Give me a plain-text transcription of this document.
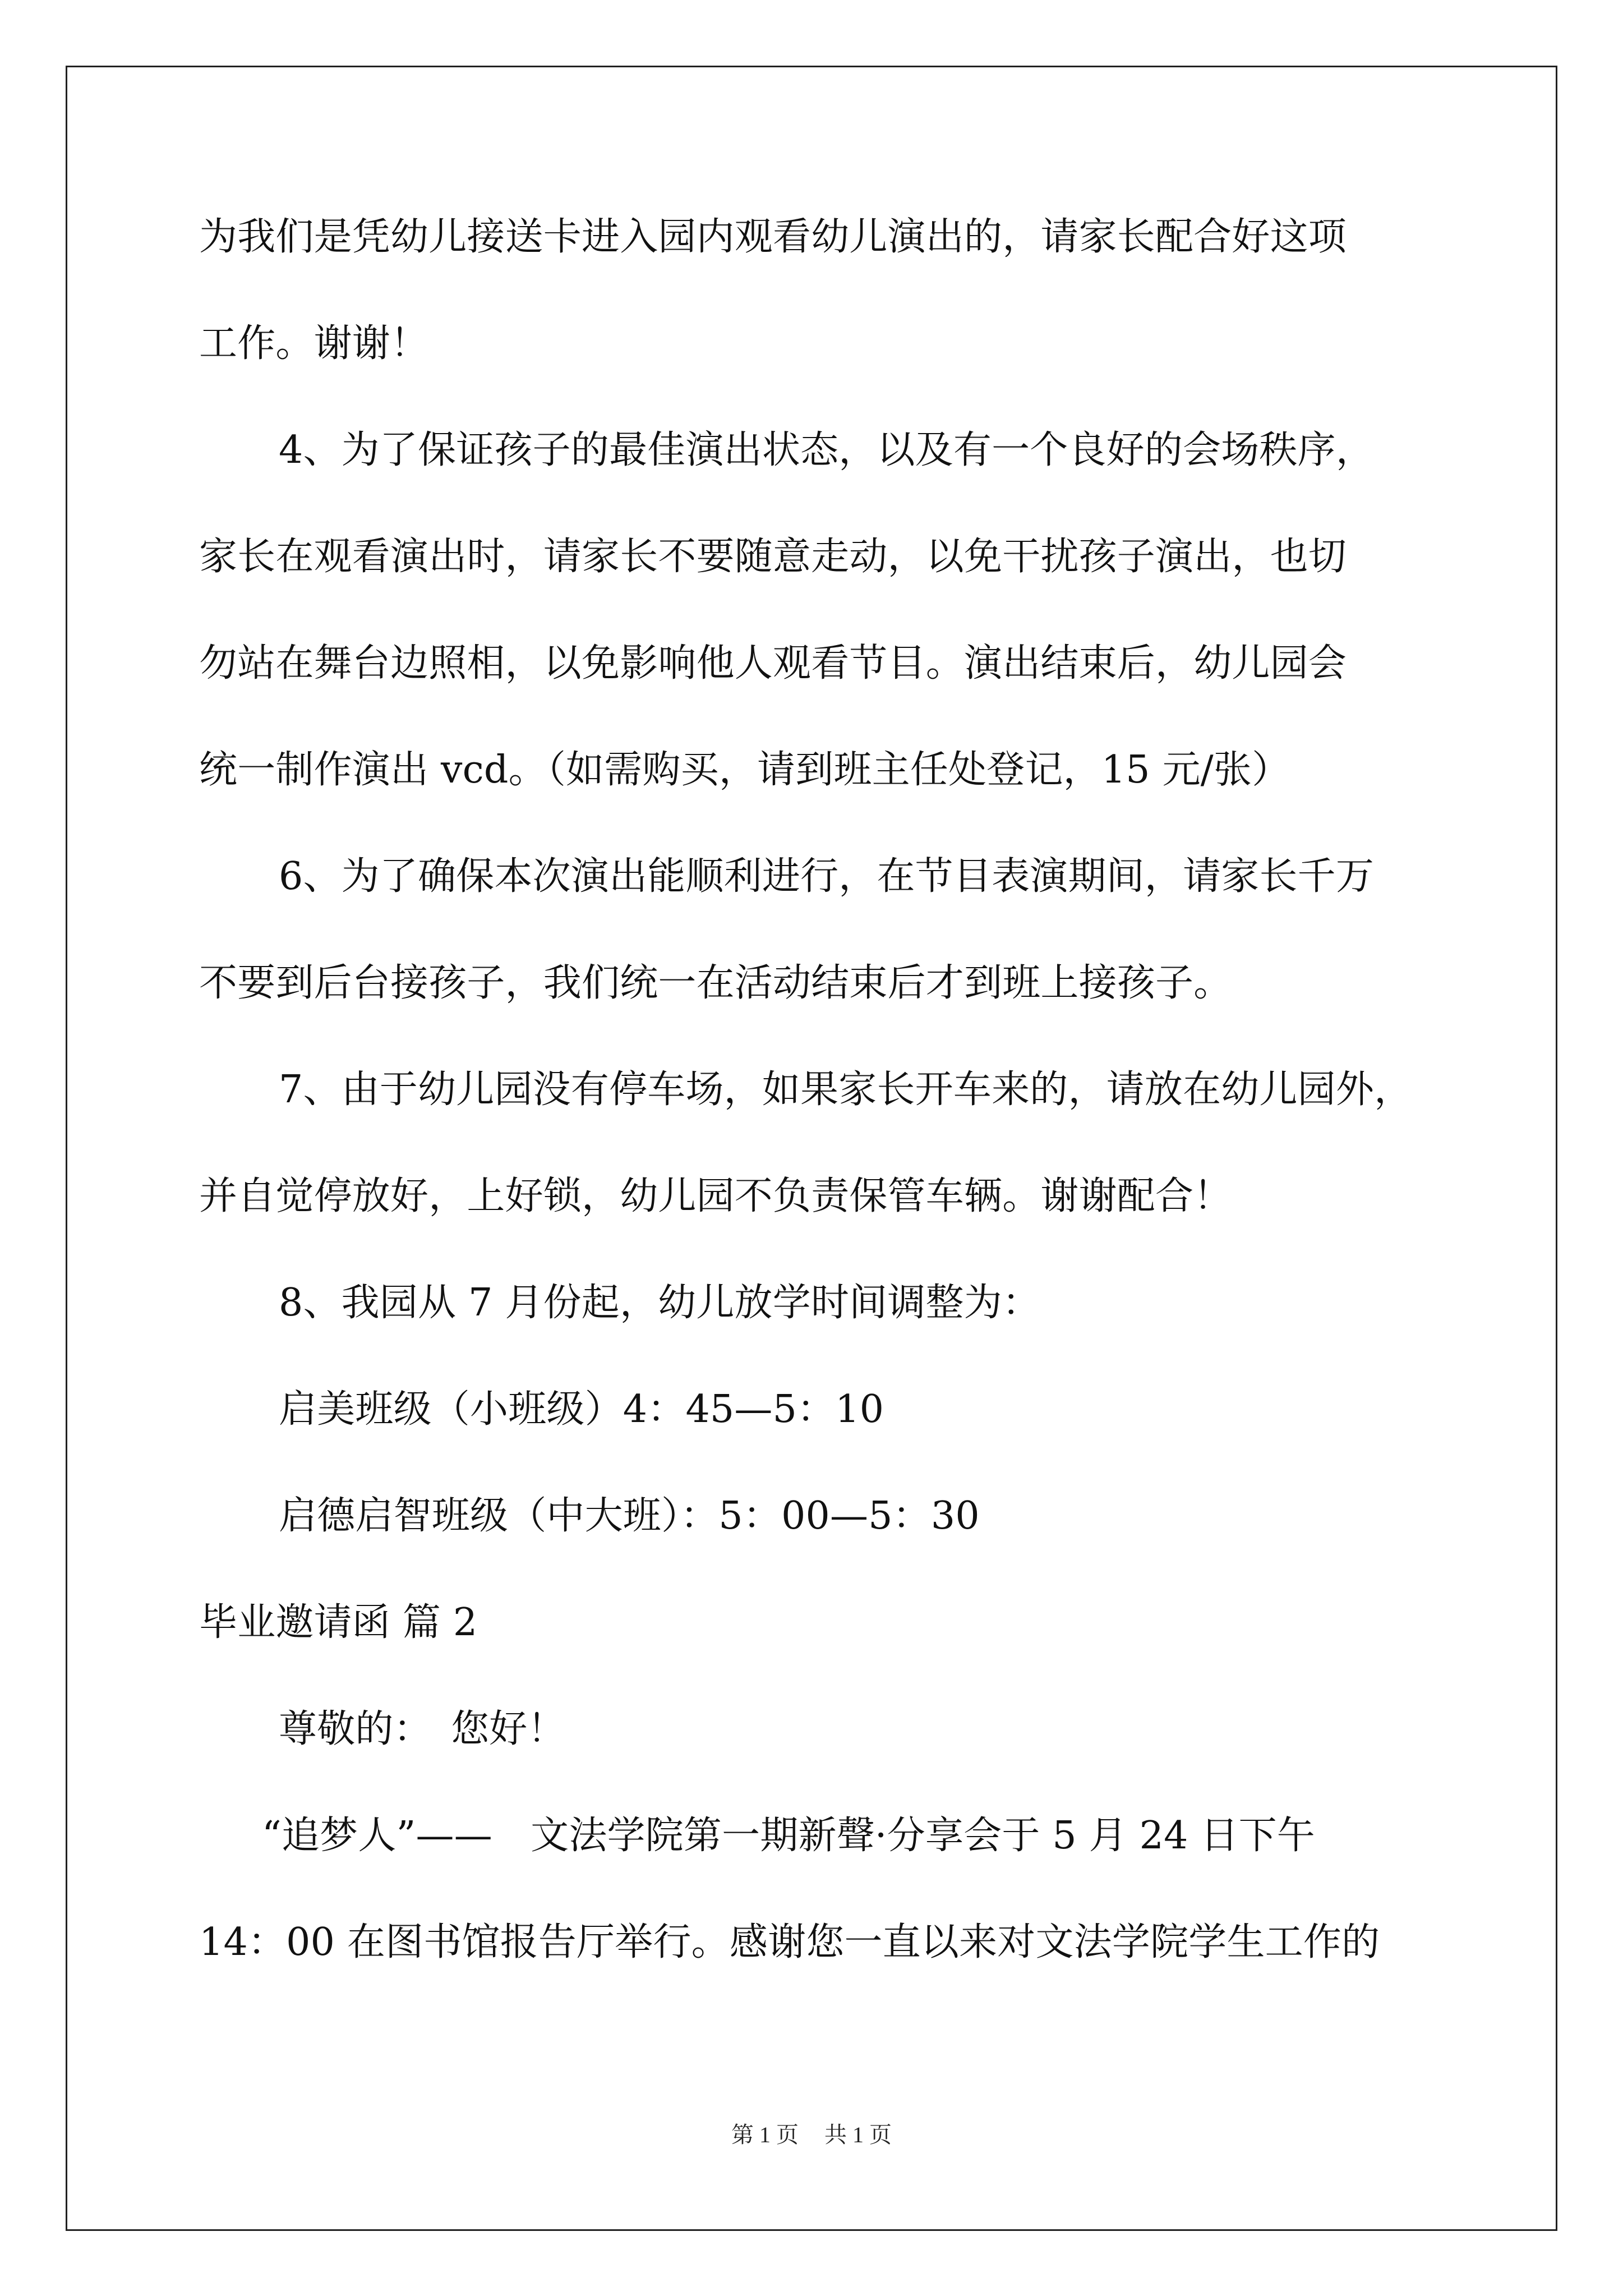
为我们是凭幼儿接送卡进入园内观看幼儿演出的，请家长配合好这项
工作。谢谢！
4、为了保证孩子的最佳演出状态，以及有一个良好的会场秩序，
家长在观看演出时，请家长不要随意走动，以免干扰孩子演出，也切
勿站在舞台边照相，以免影响他人观看节目。演出结束后，幼儿园会
统一制作演出 vcd。（如需购买，请到班主任处登记，15 元/张）
6、为了确保本次演出能顺利进行，在节目表演期间，请家长千万
不要到后台接孩子，我们统一在活动结束后才到班上接孩子。
7、由于幼儿园没有停车场，如果家长开车来的，请放在幼儿园外，
并自觉停放好，上好锁，幼儿园不负责保管车辆。谢谢配合！
8、我园从 7 月份起，幼儿放学时间调整为：
启美班级（小班级）4：45—5：10
启德启智班级（中大班）：5：00—5：30
毕业邀请函 篇 2
尊敬的：　您好！
“追梦人”——　文法学院第一期新聲·分享会于 5 月 24 日下午
14：00 在图书馆报告厅举行。感谢您一直以来对文法学院学生工作的
第 1 页 共 1 页
